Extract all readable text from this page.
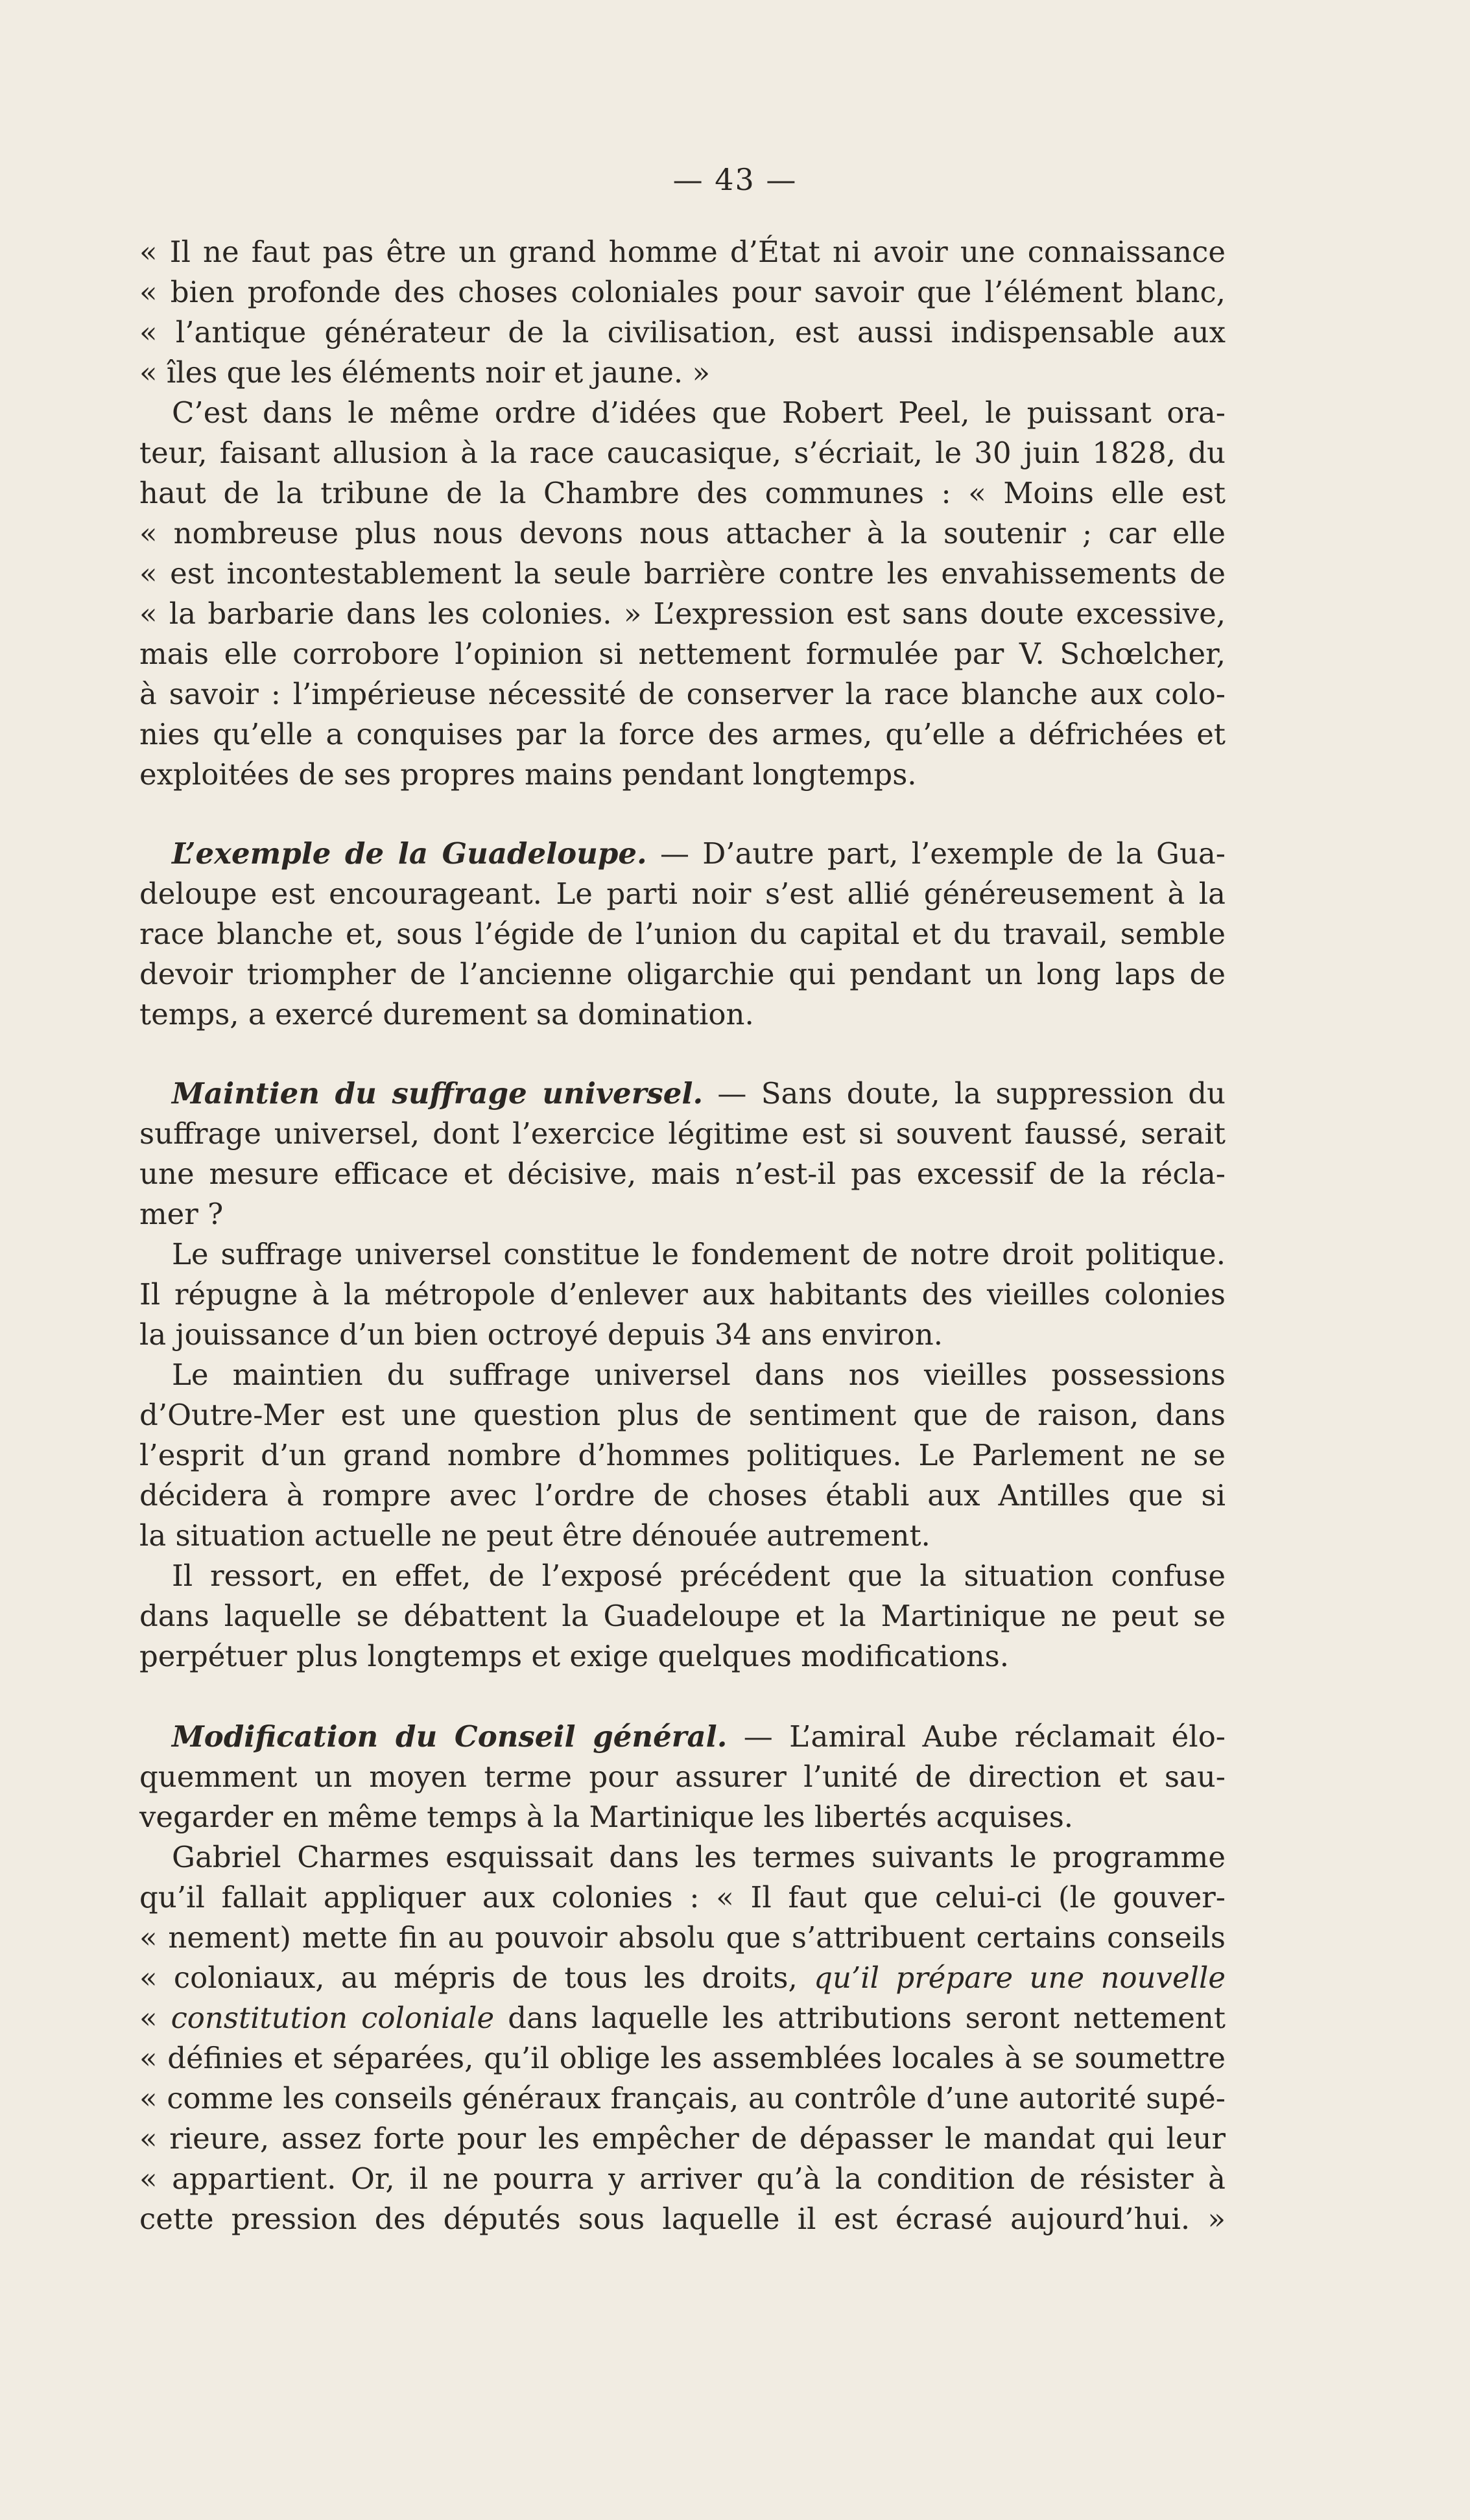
— 43 —
« Il ne faut pas être un grand homme d’État ni avoir une connaissance
« bien profonde des choses coloniales pour savoir que l’élément blanc,
« l’antique générateur de la civilisation, est aussi indispensable aux
« îles que les éléments noir et jaune. »
C’est dans le même ordre d’idées que Robert Peel, le puissant ora-
teur, faisant allusion à la race caucasique, s’écriait, le 30 juin 1828, du
haut de la tribune de la Chambre des communes : « Moins elle est
« nombreuse plus nous devons nous attacher à la soutenir ; car elle
« est incontestablement la seule barrière contre les envahissements de
« la barbarie dans les colonies. » L’expression est sans doute excessive,
mais elle corrobore l’opinion si nettement formulée par V. Schœlcher,
à savoir : l’impérieuse nécessité de conserver la race blanche aux colo-
nies qu’elle a conquises par la force des armes, qu’elle a défrichées et
exploitées de ses propres mains pendant longtemps.
L’exemple de la Guadeloupe. — D’autre part, l’exemple de la Gua-
deloupe est encourageant. Le parti noir s’est allié généreusement à la
race blanche et, sous l’égide de l’union du capital et du travail, semble
devoir triompher de l’ancienne oligarchie qui pendant un long laps de
temps, a exercé durement sa domination.
Maintien du suffrage universel. — Sans doute, la suppression du
suffrage universel, dont l’exercice légitime est si souvent faussé, serait
une mesure efficace et décisive, mais n’est-il pas excessif de la récla-
mer ?
Le suffrage universel constitue le fondement de notre droit politique.
Il répugne à la métropole d’enlever aux habitants des vieilles colonies
la jouissance d’un bien octroyé depuis 34 ans environ.
Le maintien du suffrage universel dans nos vieilles possessions
d’Outre-Mer est une question plus de sentiment que de raison, dans
l’esprit d’un grand nombre d’hommes politiques. Le Parlement ne se
décidera à rompre avec l’ordre de choses établi aux Antilles que si
la situation actuelle ne peut être dénouée autrement.
Il ressort, en effet, de l’exposé précédent que la situation confuse
dans laquelle se débattent la Guadeloupe et la Martinique ne peut se
perpétuer plus longtemps et exige quelques modifications.
Modification du Conseil général. — L’amiral Aube réclamait élo-
quemment un moyen terme pour assurer l’unité de direction et sau-
vegarder en même temps à la Martinique les libertés acquises.
Gabriel Charmes esquissait dans les termes suivants le programme
qu’il fallait appliquer aux colonies : « Il faut que celui-ci (le gouver-
« nement) mette fin au pouvoir absolu que s’attribuent certains conseils
« coloniaux, au mépris de tous les droits, qu’il prépare une nouvelle
« constitution coloniale dans laquelle les attributions seront nettement
« définies et séparées, qu’il oblige les assemblées locales à se soumettre
« comme les conseils généraux français, au contrôle d’une autorité supé-
« rieure, assez forte pour les empêcher de dépasser le mandat qui leur
« appartient. Or, il ne pourra y arriver qu’à la condition de résister à
cette pression des députés sous laquelle il est écrasé aujourd’hui. »
